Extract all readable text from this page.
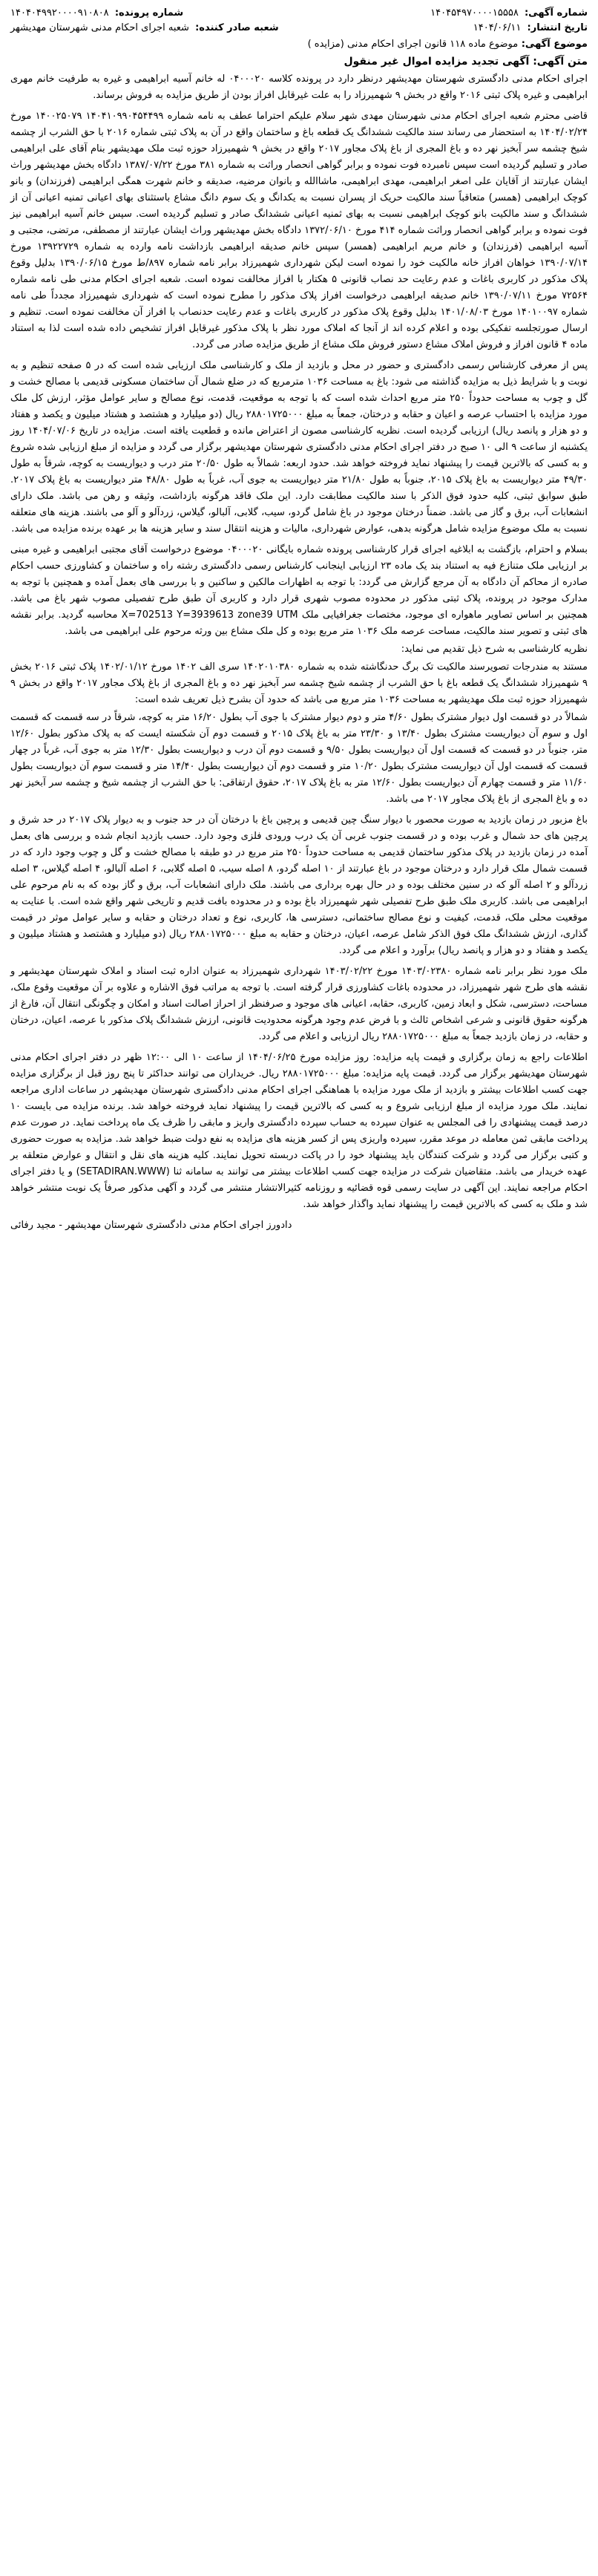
شماره آگهی: ۱۴۰۴۵۴۹۷۰۰۰۰۱۵۵۵۸
شماره پرونده: ۱۴۰۴۰۴۹۹۲۰۰۰۰۹۱۰۸۰۸
تاریخ انتشار: ۱۴۰۴/۰۶/۱۱
شعبه صادر کننده: شعبه اجرای احکام مدنی شهرستان مهدیشهر
موضوع آگهی: موضوع ماده ۱۱۸ قانون اجرای احکام مدنی (مزایده )
متن آگهی: آگهی تجدید مزایده اموال غیر منقول

اجرای احکام مدنی دادگستری شهرستان مهدیشهر درنظر دارد در پرونده کلاسه ۰۴۰۰۰۲۰ له خانم آسیه ابراهیمی و غیره به طرفیت خانم مهری ابراهیمی و غیره پلاک ثبتی ۲۰۱۶ واقع در بخش ۹ شهمیرزاد را به علت غیرقابل افراز بودن از طریق مزایده به فروش برساند.

قاضی محترم شعبه اجرای احکام مدنی شهرستان مهدی شهر سلام علیکم احتراما عطف به نامه شماره ۱۴۰۴۱۰۹۹۰۴۵۴۴۹۹ ۱۴۰۰۲۵۰۷۹ مورخ ۱۴۰۴/۰۲/۲۴ به استحضار می رساند سند مالکیت ششدانگ یک قطعه باغ و ساختمان واقع در آن به پلاک ثبتی شماره ۲۰۱۶ با حق الشرب از چشمه شیخ چشمه سر آبخیز نهر ده و باغ المجری از باغ پلاک مجاور ۲۰۱۷ واقع در بخش ۹ شهمیرزاد حوزه ثبت ملک مهدیشهر بنام آقای علی ابراهیمی صادر و تسلیم گردیده است سپس نامبرده فوت نموده و برابر گواهی انحصار وراثت به شماره ۳۸۱ مورخ ۱۳۸۷/۰۷/۲۲ دادگاه بخش مهدیشهر وراث ایشان عبارتند از آقایان علی اصغر ابراهیمی، مهدی ابراهیمی، ماشاالله و بانوان مرضیه، صدیقه و خانم شهرت همگی ابراهیمی (فرزندان) و بانو کوچک ابراهیمی (همسر) متعاقباً سند مالکیت حریک از پسران نسبت به یکدانگ و یک سوم دانگ مشاع باستثنای بهای اعیانی تمنیه اعیانی آن از ششدانگ و سند مالکیت بانو کوچک ابراهیمی نسبت به بهای ثمنیه اعیانی ششدانگ صادر و تسلیم گردیده است. سپس خانم آسیه ابراهیمی نیز فوت نموده و برابر گواهی انحصار وراثت شماره ۴۱۴ مورخ ۱۳۷۲/۰۶/۱۰ دادگاه بخش مهدیشهر وراث ایشان عبارتند از مصطفی، مرتضی، مجتبی و آسیه ابراهیمی (فرزندان) و خانم مریم ابراهیمی (همسر) سپس خانم صدیقه ابراهیمی بازداشت نامه وارده به شماره ۱۳۹۲۲۷۲۹ مورخ ۱۳۹۰/۰۷/۱۴ خواهان افراز خانه مالکیت خود را نموده است لیکن شهرداری شهمیرزاد برابر نامه شماره ۸۹۷/ط مورخ ۱۳۹۰/۰۶/۱۵ بدلیل وقوع پلاک مذکور در کاربری باغات و عدم رعایت حد نصاب قانونی ۵ هکتار با افراز مخالفت نموده است. شعبه اجرای احکام مدنی طی نامه شماره ۷۲۵۶۴ مورخ ۱۳۹۰/۰۷/۱۱ خانم صدیقه ابراهیمی درخواست افراز پلاک مذکور را مطرح نموده است که شهرداری شهمیرزاد مجدداً طی نامه شماره ۱۴۰۱۰۰۹۷ مورخ ۱۴۰۱/۰۸/۰۳ بدلیل وقوع پلاک مذکور در کاربری باغات و عدم رعایت حدنصاب با افراز آن مخالفت نموده است. تنظیم و ارسال صورتجلسه تفکیکی بوده و اعلام کرده اند از آنجا که املاک مورد نظر با پلاک مذکور غیرقابل افراز تشخیص داده شده است لذا به استناد ماده ۴ قانون افراز و فروش املاک مشاع دستور فروش ملک مشاع از طریق مزایده صادر می گردد.

پس از معرفی کارشناس رسمی دادگستری و حضور در محل و بازدید از ملک و کارشناسی ملک ارزیابی شده است که در ۵ صفحه تنظیم و به نوبت و با شرایط ذیل به مزایده گذاشته می شود: باغ به مساحت ۱۰۳۶ مترمربع که در ضلع شمال آن ساختمان مسکونی قدیمی با مصالح خشت و گل و چوب به مساحت حدوداً ۲۵۰ متر مربع احداث شده است که با توجه به موقعیت، قدمت، نوع مصالح و سایر عوامل مؤثر، ارزش کل ملک مورد مزایده با احتساب عرصه و اعیان و حقابه و درختان، جمعاً به مبلغ ۲۸۸۰۱۷۲۵۰۰۰ ریال (دو میلیارد و هشتصد و هشتاد میلیون و یکصد و هفتاد و دو هزار و پانصد ریال) ارزیابی گردیده است. نظریه کارشناسی مصون از اعتراض مانده و قطعیت یافته است. مزایده در تاریخ ۱۴۰۴/۰۷/۰۶ روز یکشنبه از ساعت ۹ الی ۱۰ صبح در دفتر اجرای احکام مدنی دادگستری شهرستان مهدیشهر برگزار می گردد و مزایده از مبلغ ارزیابی شده شروع و به کسی که بالاترین قیمت را پیشنهاد نماید فروخته خواهد شد. حدود اربعه: شمالاً به طول ۲۰/۵۰ متر درب و دیواریست به کوچه، شرقاً به طول ۴۹/۳۰ متر دیواریست به باغ پلاک ۲۰۱۵، جنوباً به طول ۲۱/۸۰ متر دیواریست به جوی آب، غرباً به طول ۴۸/۸۰ متر دیواریست به باغ پلاک ۲۰۱۷. طبق سوابق ثبتی، کلیه حدود فوق الذکر با سند مالکیت مطابقت دارد. این ملک فاقد هرگونه بازداشت، وثیقه و رهن می باشد. ملک دارای انشعابات آب، برق و گاز می باشد. ضمناً درختان موجود در باغ شامل گردو، سیب، گلابی، آلبالو، گیلاس، زردآلو و آلو می باشند. هزینه های متعلقه نسبت به ملک موضوع مزایده شامل هرگونه بدهی، عوارض شهرداری، مالیات و هزینه انتقال سند و سایر هزینه ها بر عهده برنده مزایده می باشد.

بسلام و احترام، بازگشت به ابلاغیه اجرای قرار کارشناسی پرونده شماره بایگانی ۰۴۰۰۰۲۰ موضوع درخواست آقای مجتبی ابراهیمی و غیره مبنی بر ارزیابی ملک متنازع فیه به استناد بند یک ماده ۲۳ ارزیابی اینجانب کارشناس رسمی دادگستری رشته راه و ساختمان و کشاورزی حسب احکام صادره از محاکم آن دادگاه به آن مرجع گزارش می گردد: با توجه به اظهارات مالکین و ساکنین و با بررسی های بعمل آمده و همچنین با توجه به مدارک موجود در پرونده، پلاک ثبتی مذکور در محدوده مصوب شهری قرار دارد و کاربری آن طبق طرح تفصیلی مصوب شهر باغ می باشد. همچنین بر اساس تصاویر ماهواره ای موجود، مختصات جغرافیایی ملک X=702513 Y=3939613 zone39 UTM محاسبه گردید. برابر نقشه های ثبتی و تصویر سند مالکیت، مساحت عرصه ملک ۱۰۳۶ متر مربع بوده و کل ملک مشاع بین ورثه مرحوم علی ابراهیمی می باشد.

نظریه کارشناسی به شرح ذیل تقدیم می نماید:

مستند به مندرجات تصویرسند مالکیت تک برگ حدنگاشته شده به شماره ۱۴۰۲۰۱۰۳۸۰ سری الف ۱۴۰۲ مورخ ۱۴۰۲/۰۱/۱۲ پلاک ثبتی ۲۰۱۶ بخش ۹ شهمیرزاد ششدانگ یک قطعه باغ با حق الشرب از چشمه شیخ چشمه سر آبخیز نهر ده و باغ المجری از باغ پلاک مجاور ۲۰۱۷ واقع در بخش ۹ شهمیرزاد حوزه ثبت ملک مهدیشهر به مساحت ۱۰۳۶ متر مربع می باشد که حدود آن بشرح ذیل تعریف شده است:

شمالاً در دو قسمت اول دیوار مشترک بطول ۴/۶۰ متر و دوم دیوار مشترک با جوی آب بطول ۱۶/۲۰ متر به کوچه، شرقاً در سه قسمت که قسمت اول و سوم آن دیواریست مشترک بطول ۱۳/۴۰ و ۲۳/۳۰ متر به باغ پلاک ۲۰۱۵ و قسمت دوم آن شکسته ایست که به پلاک مذکور بطول ۱۲/۶۰ متر، جنوباً در دو قسمت که قسمت اول آن دیواریست بطول ۹/۵۰ و قسمت دوم آن درب و دیواریست بطول ۱۲/۳۰ متر به جوی آب، غرباً در چهار قسمت که قسمت اول آن دیواریست مشترک بطول ۱۰/۲۰ متر و قسمت دوم آن دیواریست بطول ۱۴/۴۰ متر و قسمت سوم آن دیواریست بطول ۱۱/۶۰ متر و قسمت چهارم آن دیواریست بطول ۱۲/۶۰ متر به باغ پلاک ۲۰۱۷، حقوق ارتفاقی: با حق الشرب از چشمه شیخ و چشمه سر آبخیز نهر ده و باغ المجری از باغ پلاک مجاور ۲۰۱۷ می باشد.

باغ مزبور در زمان بازدید به صورت محصور با دیوار سنگ چین قدیمی و پرچین باغ با درختان آن در حد جنوب و به دیوار پلاک ۲۰۱۷ در حد شرق و پرچین های حد شمال و غرب بوده و در قسمت جنوب غربی آن یک درب ورودی فلزی وجود دارد. حسب بازدید انجام شده و بررسی های بعمل آمده در زمان بازدید در پلاک مذکور ساختمان قدیمی به مساحت حدوداً ۲۵۰ متر مربع در دو طبقه با مصالح خشت و گل و چوب وجود دارد که در قسمت شمال ملک قرار دارد و درختان موجود در باغ عبارتند از ۱۰ اصله گردو، ۸ اصله سیب، ۵ اصله گلابی، ۶ اصله آلبالو، ۴ اصله گیلاس، ۳ اصله زردآلو و ۲ اصله آلو که در سنین مختلف بوده و در حال بهره برداری می باشند. ملک دارای انشعابات آب، برق و گاز بوده که به نام مرحوم علی ابراهیمی می باشد. کاربری ملک طبق طرح تفصیلی شهر شهمیرزاد باغ بوده و در محدوده بافت قدیم و تاریخی شهر واقع شده است. با عنایت به موقعیت محلی ملک، قدمت، کیفیت و نوع مصالح ساختمانی، دسترسی ها، کاربری، نوع و تعداد درختان و حقابه و سایر عوامل موثر در قیمت گذاری، ارزش ششدانگ ملک فوق الذکر شامل عرصه، اعیان، درختان و حقابه به مبلغ ۲۸۸۰۱۷۲۵۰۰۰ ریال (دو میلیارد و هشتصد و هشتاد میلیون و یکصد و هفتاد و دو هزار و پانصد ریال) برآورد و اعلام می گردد.

ملک مورد نظر برابر نامه شماره ۱۴۰۳/۰۲۳۸۰ مورخ ۱۴۰۳/۰۲/۲۲ شهرداری شهمیرزاد به عنوان اداره ثبت اسناد و املاک شهرستان مهدیشهر و نقشه های طرح شهر شهمیرزاد، در محدوده باغات کشاورزی قرار گرفته است. با توجه به مراتب فوق الاشاره و علاوه بر آن موقعیت وقوع ملک، مساحت، دسترسی، شکل و ابعاد زمین، کاربری، حقابه، اعیانی های موجود و صرفنظر از احراز اصالت اسناد و امکان و چگونگی انتقال آن، فارغ از هرگونه حقوق قانونی و شرعی اشخاص ثالث و با فرض عدم وجود هرگونه محدودیت قانونی، ارزش ششدانگ پلاک مذکور با عرصه، اعیان، درختان و حقابه، در زمان بازدید جمعاً به مبلغ ۲۸۸۰۱۷۲۵۰۰۰ ریال ارزیابی و اعلام می گردد.

اطلاعات راجع به زمان برگزاری و قیمت پایه مزایده: روز مزایده مورخ ۱۴۰۴/۰۶/۲۵ از ساعت ۱۰ الی ۱۲:۰۰ ظهر در دفتر اجرای احکام مدنی شهرستان مهدیشهر برگزار می گردد. قیمت پایه مزایده: مبلغ ۲۸۸۰۱۷۲۵۰۰۰ ریال. خریداران می توانند حداکثر تا پنج روز قبل از برگزاری مزایده جهت کسب اطلاعات بیشتر و بازدید از ملک مورد مزایده با هماهنگی اجرای احکام مدنی دادگستری شهرستان مهدیشهر در ساعات اداری مراجعه نمایند. ملک مورد مزایده از مبلغ ارزیابی شروع و به کسی که بالاترین قیمت را پیشنهاد نماید فروخته خواهد شد. برنده مزایده می بایست ۱۰ درصد قیمت پیشنهادی را فی المجلس به عنوان سپرده به حساب سپرده دادگستری واریز و مابقی را ظرف یک ماه پرداخت نماید. در صورت عدم پرداخت مابقی ثمن معامله در موعد مقرر، سپرده واریزی پس از کسر هزینه های مزایده به نفع دولت ضبط خواهد شد. مزایده به صورت حضوری و کتبی برگزار می گردد و شرکت کنندگان باید پیشنهاد خود را در پاکت دربسته تحویل نمایند. کلیه هزینه های نقل و انتقال و عوارض متعلقه بر عهده خریدار می باشد. متقاضیان شرکت در مزایده جهت کسب اطلاعات بیشتر می توانند به سامانه ثنا (SETADIRAN.WWW) و یا دفتر اجرای احکام مراجعه نمایند. این آگهی در سایت رسمی قوه قضائیه و روزنامه کثیرالانتشار منتشر می گردد و آگهی مذکور صرفاً یک نوبت منتشر خواهد شد و ملک به کسی که بالاترین قیمت را پیشنهاد نماید واگذار خواهد شد.

دادورز اجرای احکام مدنی دادگستری شهرستان مهدیشهر - مجید رفائی
